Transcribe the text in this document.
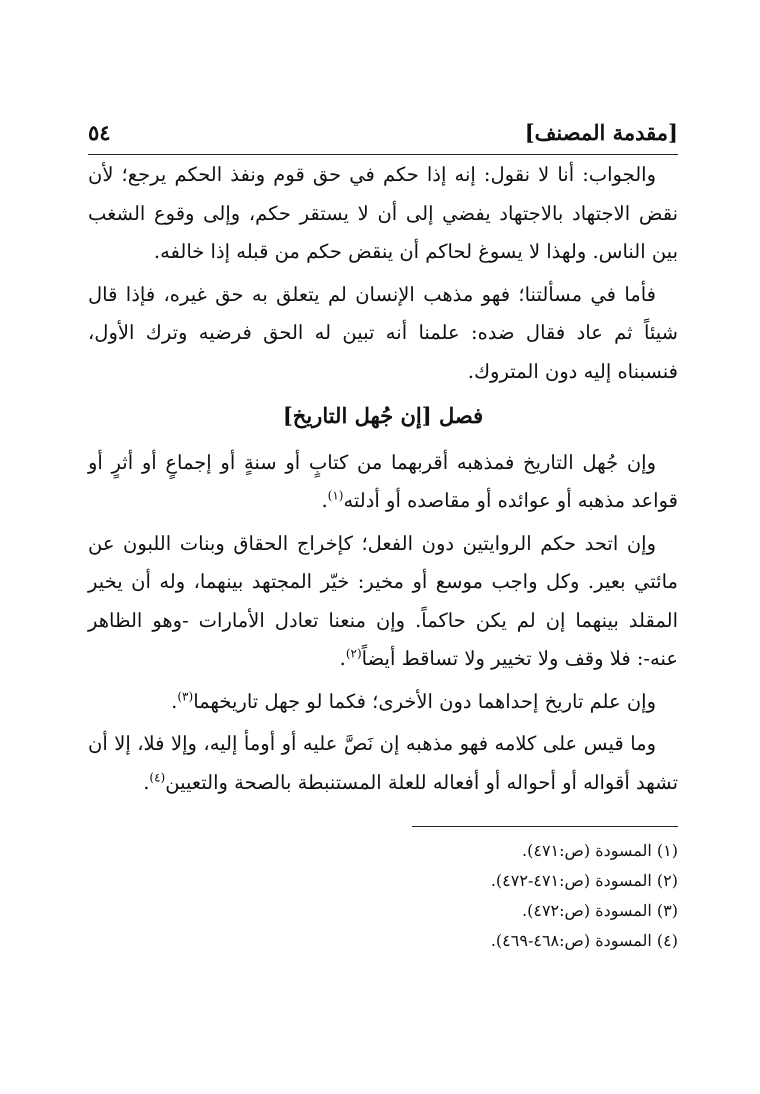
[مقدمة المصنف]
٥٤

والجواب: أنا لا نقول: إنه إذا حكم في حق قوم ونفذ الحكم يرجع؛ لأن نقض الاجتهاد بالاجتهاد يفضي إلى أن لا يستقر حكم، وإلى وقوع الشغب بين الناس. ولهذا لا يسوغ لحاكم أن ينقض حكم من قبله إذا خالفه.

فأما في مسألتنا؛ فهو مذهب الإنسان لم يتعلق به حق غيره، فإذا قال شيئاً ثم عاد فقال ضده: علمنا أنه تبين له الحق فرضيه وترك الأول، فنسبناه إليه دون المتروك.

فصل [إن جُهل التاريخ]

وإن جُهل التاريخ فمذهبه أقربهما من كتابٍ أو سنةٍ أو إجماعٍ أو أثرٍ أو قواعد مذهبه أو عوائده أو مقاصده أو أدلته$^{(١)}$.

وإن اتحد حكم الروايتين دون الفعل؛ كإخراج الحقاق وبنات اللبون عن مائتي بعير. وكل واجب موسع أو مخير: خيّر المجتهد بينهما، وله أن يخير المقلد بينهما إن لم يكن حاكماً. وإن منعنا تعادل الأمارات -وهو الظاهر عنه-: فلا وقف ولا تخيير ولا تساقط أيضاً$^{(٢)}$.

وإن علم تاريخ إحداهما دون الأخرى؛ فكما لو جهل تاريخهما$^{(٣)}$.

وما قيس على كلامه فهو مذهبه إن نَصَّ عليه أو أومأ إليه، وإلا فلا، إلا أن تشهد أقواله أو أحواله أو أفعاله للعلة المستنبطة بالصحة والتعيين$^{(٤)}$.

(١) المسودة (ص:٤٧١).
(٢) المسودة (ص:٤٧١-٤٧٢).
(٣) المسودة (ص:٤٧٢).
(٤) المسودة (ص:٤٦٨-٤٦٩).
